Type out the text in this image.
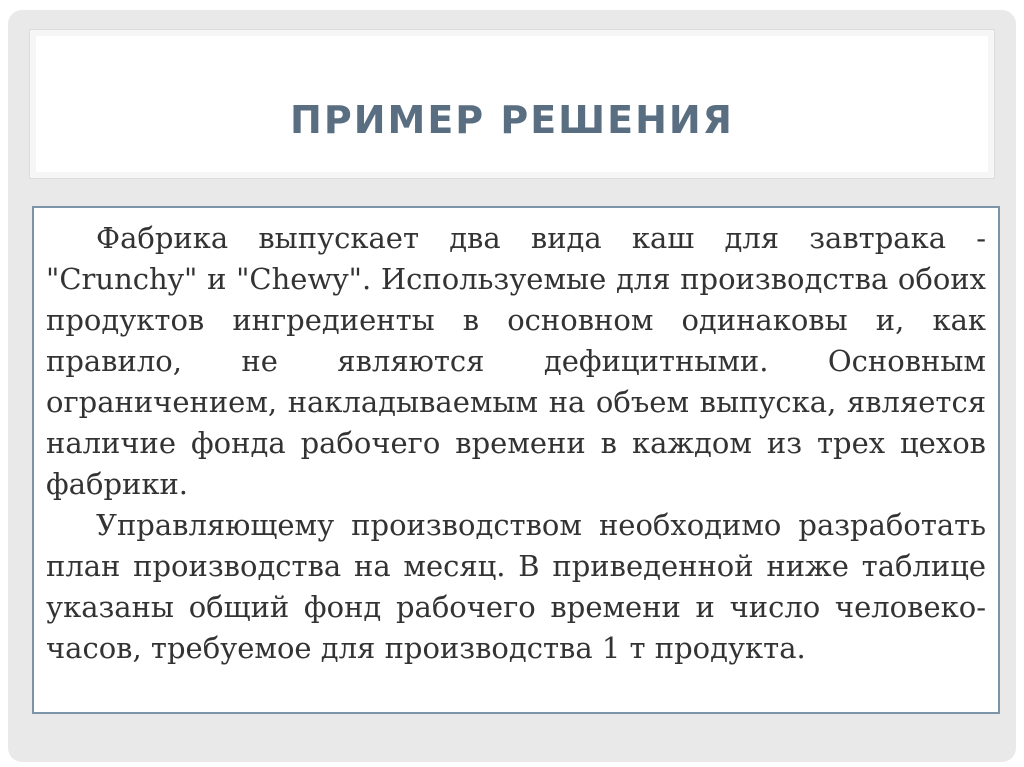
ПРИМЕР РЕШЕНИЯ

Фабрика выпускает два вида каш для завтрака - "Crunchy" и "Chewy". Используемые для производства обоих продуктов ингредиенты в основном одинаковы и, как правило, не являются дефицитными. Основным ограничением, накладываемым на объем выпуска, является наличие фонда рабочего времени в каждом из трех цехов фабрики.

Управляющему производством необходимо разработать план производства на месяц. В приведенной ниже таблице указаны общий фонд рабочего времени и число человеко-часов, требуемое для производства 1 т продукта.
